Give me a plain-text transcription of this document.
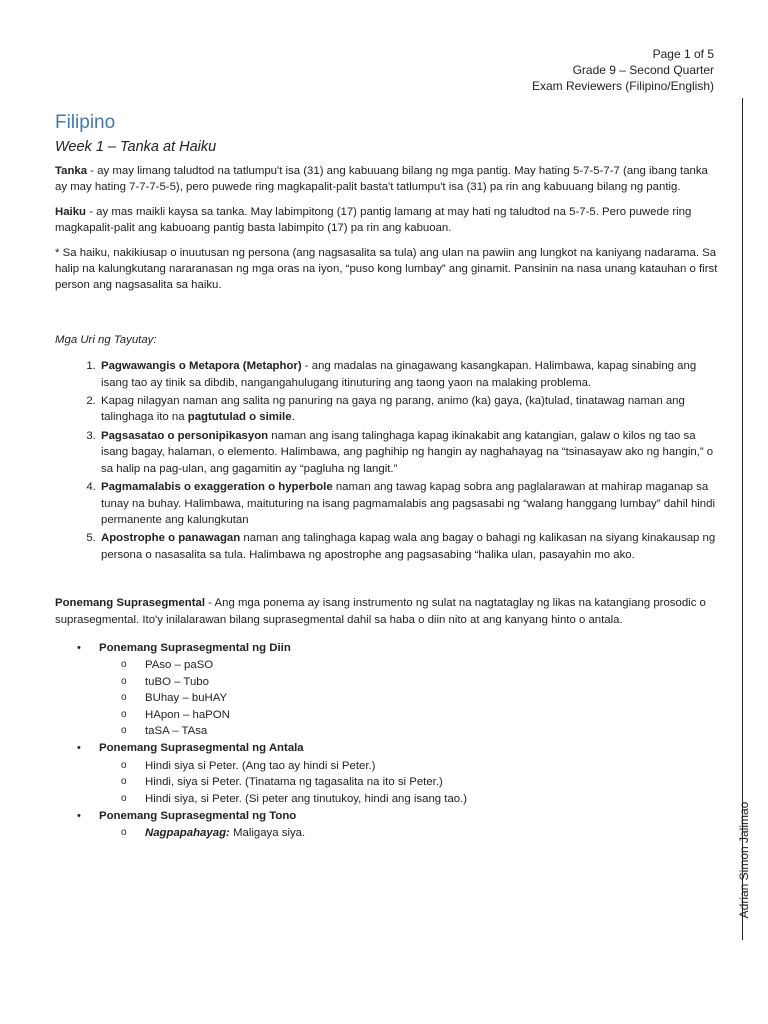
Page 1 of 5
Grade 9 – Second Quarter
Exam Reviewers (Filipino/English)
Adrian Simon Jalimao
Filipino
Week 1 – Tanka at Haiku

Tanka - ay may limang taludtod na tatlumpu't isa (31) ang kabuuang bilang ng mga pantig. May hating 5-7-5-7-7 (ang ibang tanka ay may hating 7-7-7-5-5), pero puwede ring magkapalit-palit basta't tatlumpu't isa (31) pa rin ang kabuuang bilang ng pantig.

Haiku - ay mas maikli kaysa sa tanka. May labimpitong (17) pantig lamang at may hati ng taludtod na 5-7-5. Pero puwede ring magkapalit-palit ang kabuoang pantig basta labimpito (17) pa rin ang kabuoan.

* Sa haiku, nakikiusap o inuutusan ng persona (ang nagsasalita sa tula) ang ulan na pawiin ang lungkot na kaniyang nadarama. Sa halip na kalungkutang nararanasan ng mga oras na iyon, “puso kong lumbay” ang ginamit. Pansinin na nasa unang katauhan o first person ang nagsasalita sa haiku.

Mga Uri ng Tayutay:
1. Pagwawangis o Metapora (Metaphor) - ang madalas na ginagawang kasangkapan. Halimbawa, kapag sinabing ang isang tao ay tinik sa dibdib, nangangahulugang itinuturing ang taong yaon na malaking problema.
2. Kapag nilagyan naman ang salita ng panuring na gaya ng parang, animo (ka) gaya, (ka)tulad, tinatawag naman ang talinghaga ito na pagtutulad o simile.
3. Pagsasatao o personipikasyon naman ang isang talinghaga kapag ikinakabit ang katangian, galaw o kilos ng tao sa isang bagay, halaman, o elemento. Halimbawa, ang paghihip ng hangin ay naghahayag na “tsinasayaw ako ng hangin,” o sa halip na pag-ulan, ang gagamitin ay “pagluha ng langit.”
4. Pagmamalabis o exaggeration o hyperbole naman ang tawag kapag sobra ang paglalarawan at mahirap maganap sa tunay na buhay. Halimbawa, maituturing na isang pagmamalabis ang pagsasabi ng “walang hanggang lumbay” dahil hindi permanente ang kalungkutan
5. Apostrophe o panawagan naman ang talinghaga kapag wala ang bagay o bahagi ng kalikasan na siyang kinakausap ng persona o nasasalita sa tula. Halimbawa ng apostrophe ang pagsasabing “halika ulan, pasayahin mo ako.

Ponemang Suprasegmental - Ang mga ponema ay isang instrumento ng sulat na nagtataglay ng likas na katangiang prosodic o suprasegmental. Ito'y inilalarawan bilang suprasegmental dahil sa haba o diin nito at ang kanyang hinto o antala.

• Ponemang Suprasegmental ng Diin
o PAso – paSO
o tuBO – Tubo
o BUhay – buHAY
o HApon – haPON
o taSA – TAsa
• Ponemang Suprasegmental ng Antala
o Hindi siya si Peter. (Ang tao ay hindi si Peter.)
o Hindi, siya si Peter. (Tinatama ng tagasalita na ito si Peter.)
o Hindi siya, si Peter. (Si peter ang tinutukoy, hindi ang isang tao.)
• Ponemang Suprasegmental ng Tono
o Nagpapahayag: Maligaya siya.
